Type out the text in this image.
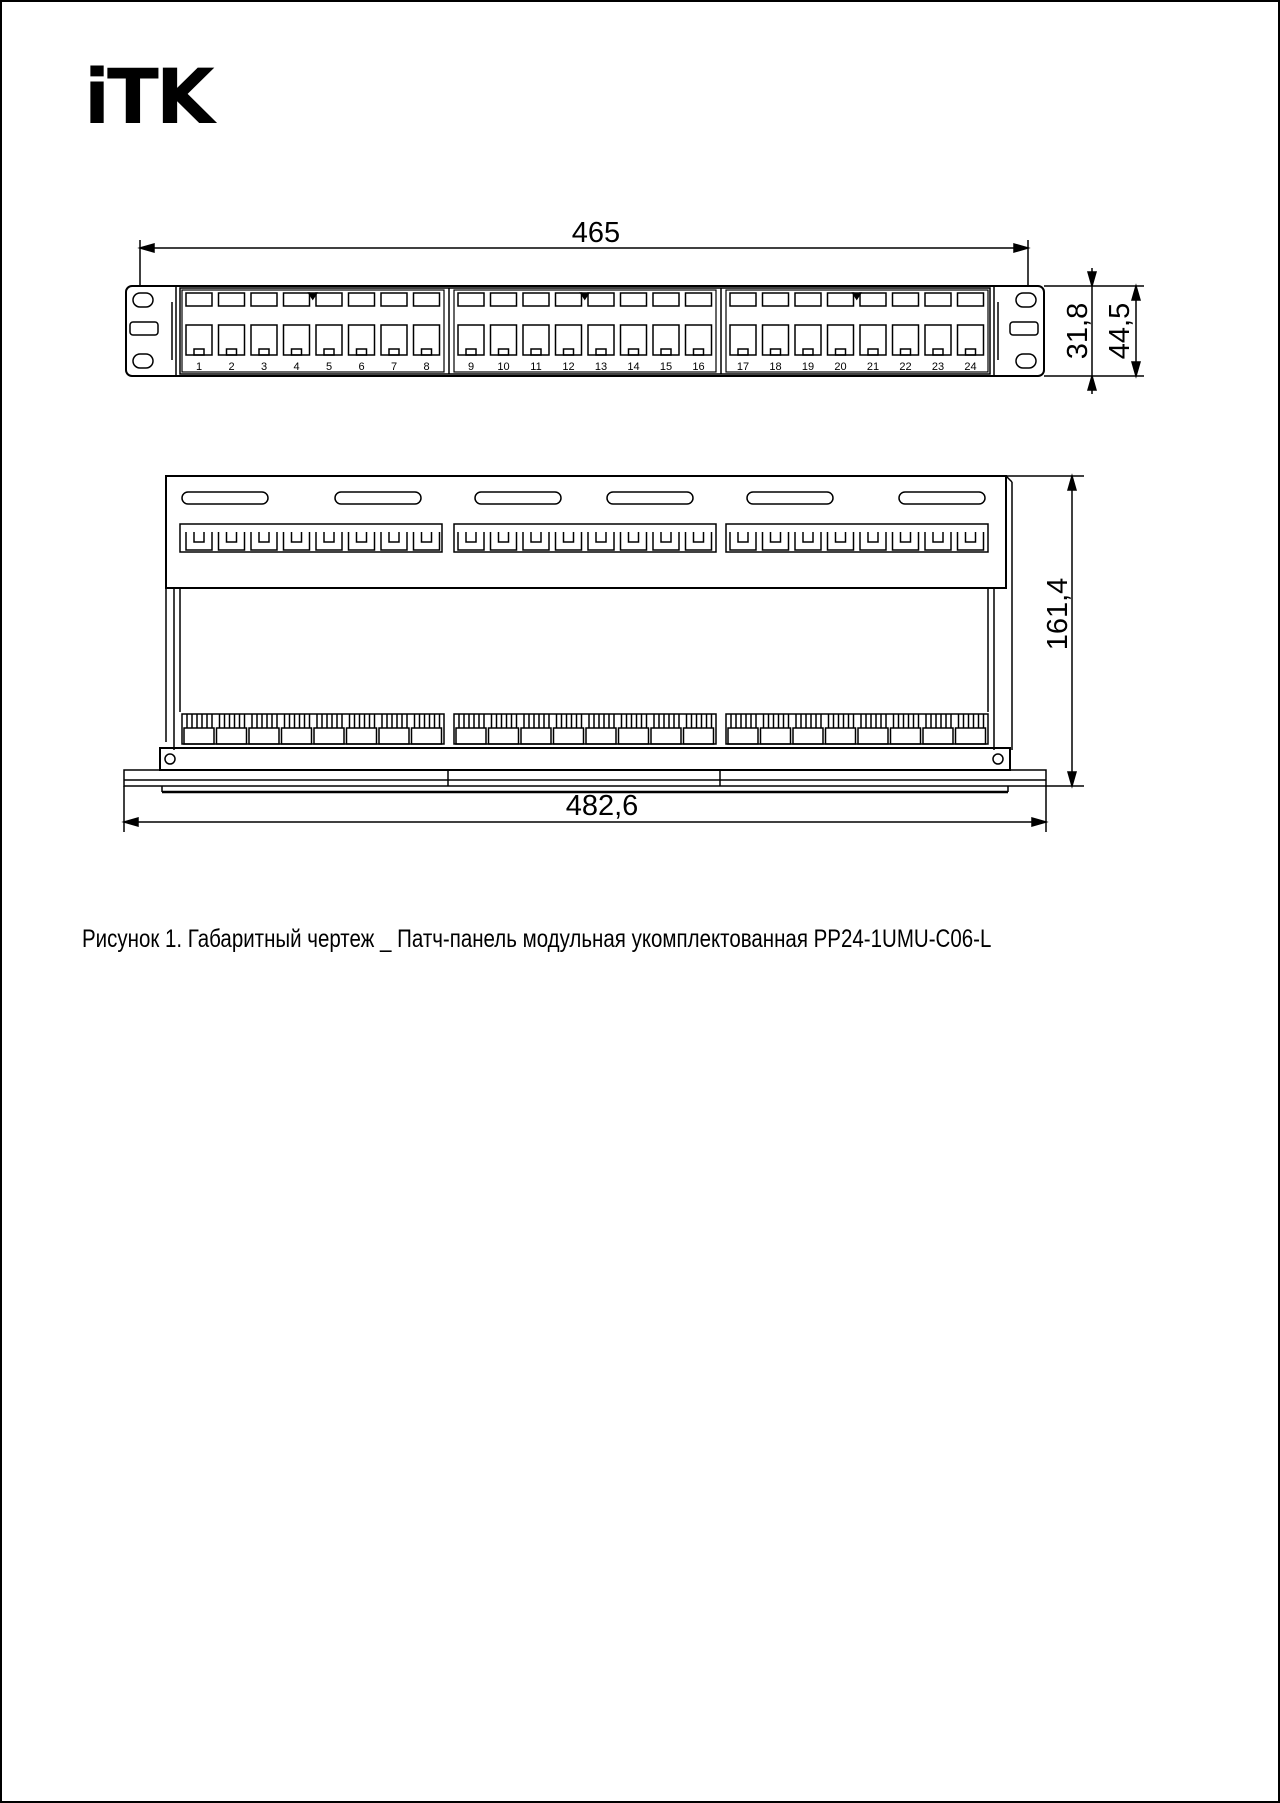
iTK
1 2 3 4 5 6 7 8	9 10 11 12 13 14 15 16	17 18 19 20 21 22 23 24
465
31,8 44,5
161,4
482,6
Рисунок 1. Габаритный чертеж _ Патч-панель модульная укомплектованная PP24-1UMU-C06-L
